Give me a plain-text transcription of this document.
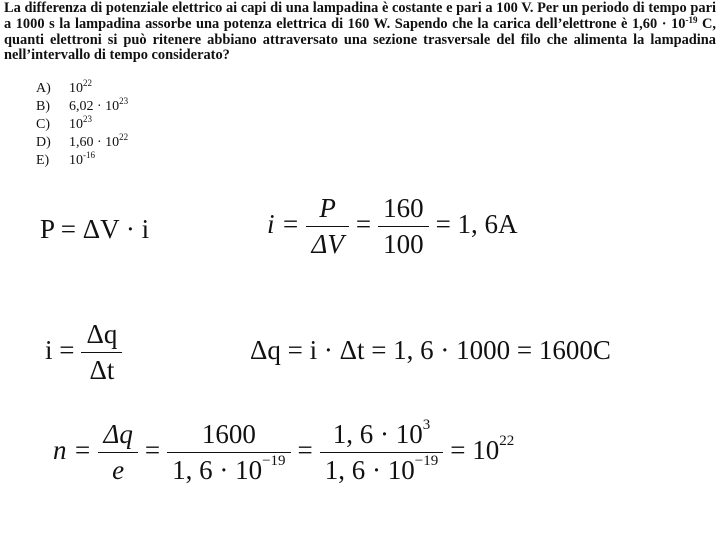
La differenza di potenziale elettrico ai capi di una lampadina è costante e pari a 100 V. Per un periodo di tempo pari a 1000 s la lampadina assorbe una potenza elettrica di 160 W. Sapendo che la carica dell’elettrone è $1,60 \cdot 10^{-19}$ C, quanti elettroni si può ritenere abbiano attraversato una sezione trasversale del filo che alimenta la lampadina nell’intervallo di tempo considerato?
A) $10^{22}$
B) $6,02 \cdot 10^{23}$
C) $10^{23}$
D) $1,60 \cdot 10^{22}$
E) $10^{-16}$
P = ΔV · i	$i = \frac{P}{\Delta V} = \frac{160}{100} = 1$, 6A
$i = \frac{\Delta q}{\Delta t}$	Δq = i · Δt = 1, 6 · 1000 = 1600C
$n = \frac{\Delta q}{e} = \frac{1600}{1, 6 \cdot 10^{-19}} = \frac{1, 6 \cdot 10^3}{1, 6 \cdot 10^{-19}} = 10^{22}$
